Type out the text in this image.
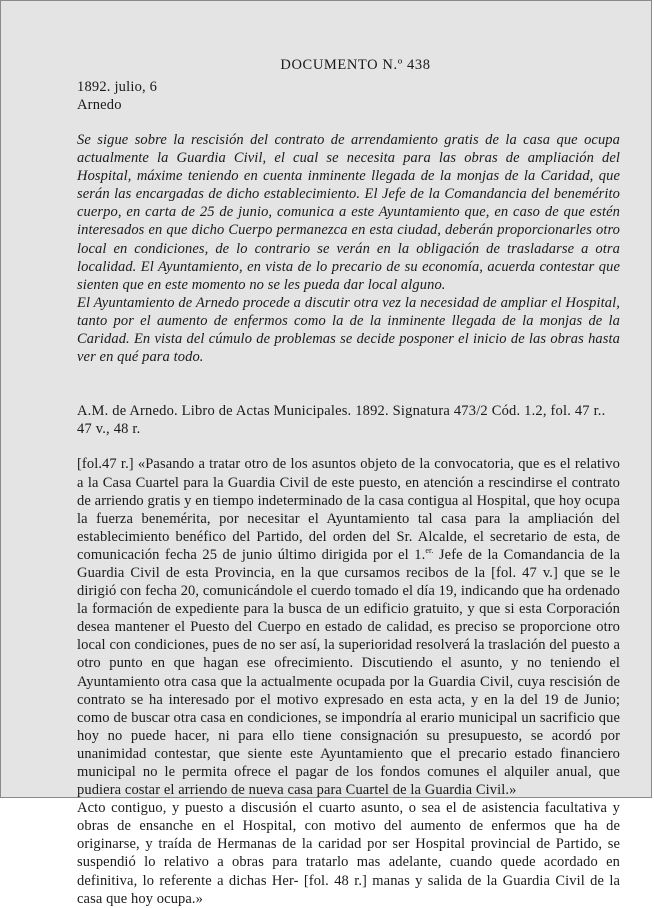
DOCUMENTO N.º 438
1892. julio, 6
Arnedo

Se sigue sobre la rescisión del contrato de arrendamiento gratis de la casa que ocupa actualmente la Guardia Civil, el cual se necesita para las obras de ampliación del Hospital, máxime teniendo en cuenta inminente llegada de la monjas de la Caridad, que serán las encargadas de dicho establecimiento. El Jefe de la Comandancia del benemérito cuerpo, en carta de 25 de junio, comunica a este Ayuntamiento que, en caso de que estén interesados en que dicho Cuerpo permanezca en esta ciudad, deberán proporcionarles otro local en condiciones, de lo contrario se verán en la obligación de trasladarse a otra localidad. El Ayuntamiento, en vista de lo precario de su economía, acuerda contestar que sienten que en este momento no se les pueda dar local alguno.

El Ayuntamiento de Arnedo procede a discutir otra vez la necesidad de ampliar el Hospital, tanto por el aumento de enfermos como la de la inminente llegada de la monjas de la Caridad. En vista del cúmulo de problemas se decide posponer el inicio de las obras hasta ver en qué para todo.

A.M. de Arnedo. Libro de Actas Municipales. 1892. Signatura 473/2 Cód. 1.2, fol. 47 r.. 47 v., 48 r.

[fol.47 r.] «Pasando a tratar otro de los asuntos objeto de la convocatoria, que es el relativo a la Casa Cuartel para la Guardia Civil de este puesto, en atención a rescindirse el contrato de arriendo gratis y en tiempo indeterminado de la casa contigua al Hospital, que hoy ocupa la fuerza benemérita, por necesitar el Ayuntamiento tal casa para la ampliación del establecimiento benéfico del Partido, del orden del Sr. Alcalde, el secretario de esta, de comunicación fecha 25 de junio último dirigida por el 1.$^{er.}$ Jefe de la Comandancia de la Guardia Civil de esta Provincia, en la que cursamos recibos de la [fol. 47 v.] que se le dirigió con fecha 20, comunicándole el cuerdo tomado el día 19, indicando que ha ordenado la formación de expediente para la busca de un edificio gratuito, y que si esta Corporación desea mantener el Puesto del Cuerpo en estado de calidad, es preciso se proporcione otro local con condiciones, pues de no ser así, la superioridad resolverá la traslación del puesto a otro punto en que hagan ese ofrecimiento. Discutiendo el asunto, y no teniendo el Ayuntamiento otra casa que la actualmente ocupada por la Guardia Civil, cuya rescisión de contrato se ha interesado por el motivo expresado en esta acta, y en la del 19 de Junio; como de buscar otra casa en condiciones, se impondría al erario municipal un sacrificio que hoy no puede hacer, ni para ello tiene consignación su presupuesto, se acordó por unanimidad contestar, que siente este Ayuntamiento que el precario estado financiero municipal no le permita ofrece el pagar de los fondos comunes el alquiler anual, que pudiera costar el arriendo de nueva casa para Cuartel de la Guardia Civil.»

Acto contiguo, y puesto a discusión el cuarto asunto, o sea el de asistencia facultativa y obras de ensanche en el Hospital, con motivo del aumento de enfermos que ha de originarse, y traída de Hermanas de la caridad por ser Hospital provincial de Partido, se suspendió lo relativo a obras para tratarlo mas adelante, cuando quede acordado en definitiva, lo referente a dichas Her- [fol. 48 r.] manas y salida de la Guardia Civil de la casa que hoy ocupa.»
